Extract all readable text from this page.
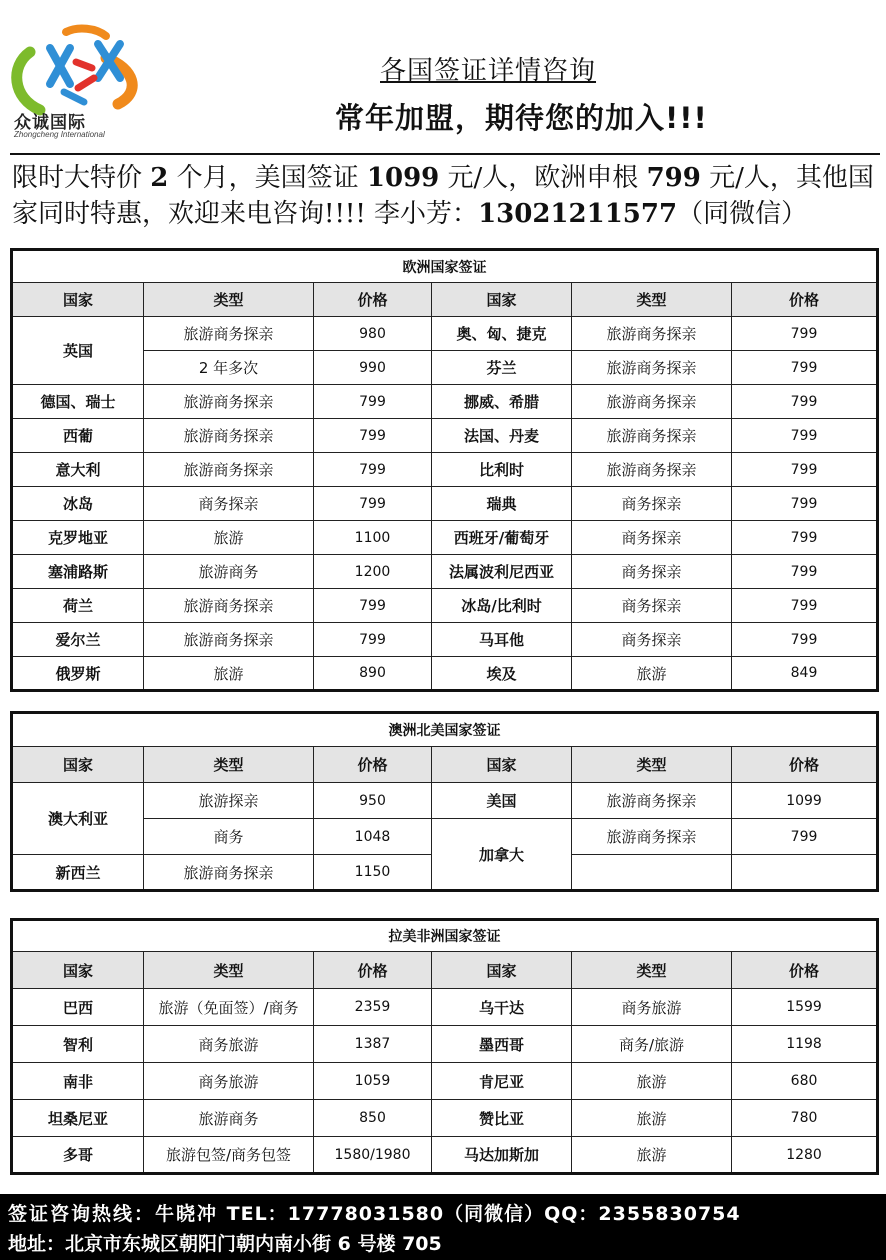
众诚国际
Zhongcheng International
各国签证详情咨询
常年加盟，期待您的加入!!!
限时大特价 2 个月，美国签证 1099 元/人，欧洲申根 799 元/人，其他国
家同时特惠，欢迎来电咨询!!!! 李小芳：13021211577（同微信）
欧洲国家签证					
国家	类型	价格	国家	类型	价格
英国	旅游商务探亲	980	奥、匈、捷克	旅游商务探亲	799
	2 年多次	990	芬兰	旅游商务探亲	799
德国、瑞士	旅游商务探亲	799	挪威、希腊	旅游商务探亲	799
西葡	旅游商务探亲	799	法国、丹麦	旅游商务探亲	799
意大利	旅游商务探亲	799	比利时	旅游商务探亲	799
冰岛	商务探亲	799	瑞典	商务探亲	799
克罗地亚	旅游	1100	西班牙/葡萄牙	商务探亲	799
塞浦路斯	旅游商务	1200	法属波利尼西亚	商务探亲	799
荷兰	旅游商务探亲	799	冰岛/比利时	商务探亲	799
爱尔兰	旅游商务探亲	799	马耳他	商务探亲	799
俄罗斯	旅游	890	埃及	旅游	849
澳洲北美国家签证					
国家	类型	价格	国家	类型	价格
澳大利亚	旅游探亲	950	美国	旅游商务探亲	1099
	商务	1048	加拿大	旅游商务探亲	799
新西兰	旅游商务探亲	1150			
拉美非洲国家签证					
国家	类型	价格	国家	类型	价格
巴西	旅游（免面签）/商务	2359	乌干达	商务旅游	1599
智利	商务旅游	1387	墨西哥	商务/旅游	1198
南非	商务旅游	1059	肯尼亚	旅游	680
坦桑尼亚	旅游商务	850	赞比亚	旅游	780
多哥	旅游包签/商务包签	1580/1980	马达加斯加	旅游	1280
签证咨询热线：牛晓冲 TEL：17778031580（同微信）QQ：2355830754
地址：北京市东城区朝阳门朝内南小街 6 号楼 705
